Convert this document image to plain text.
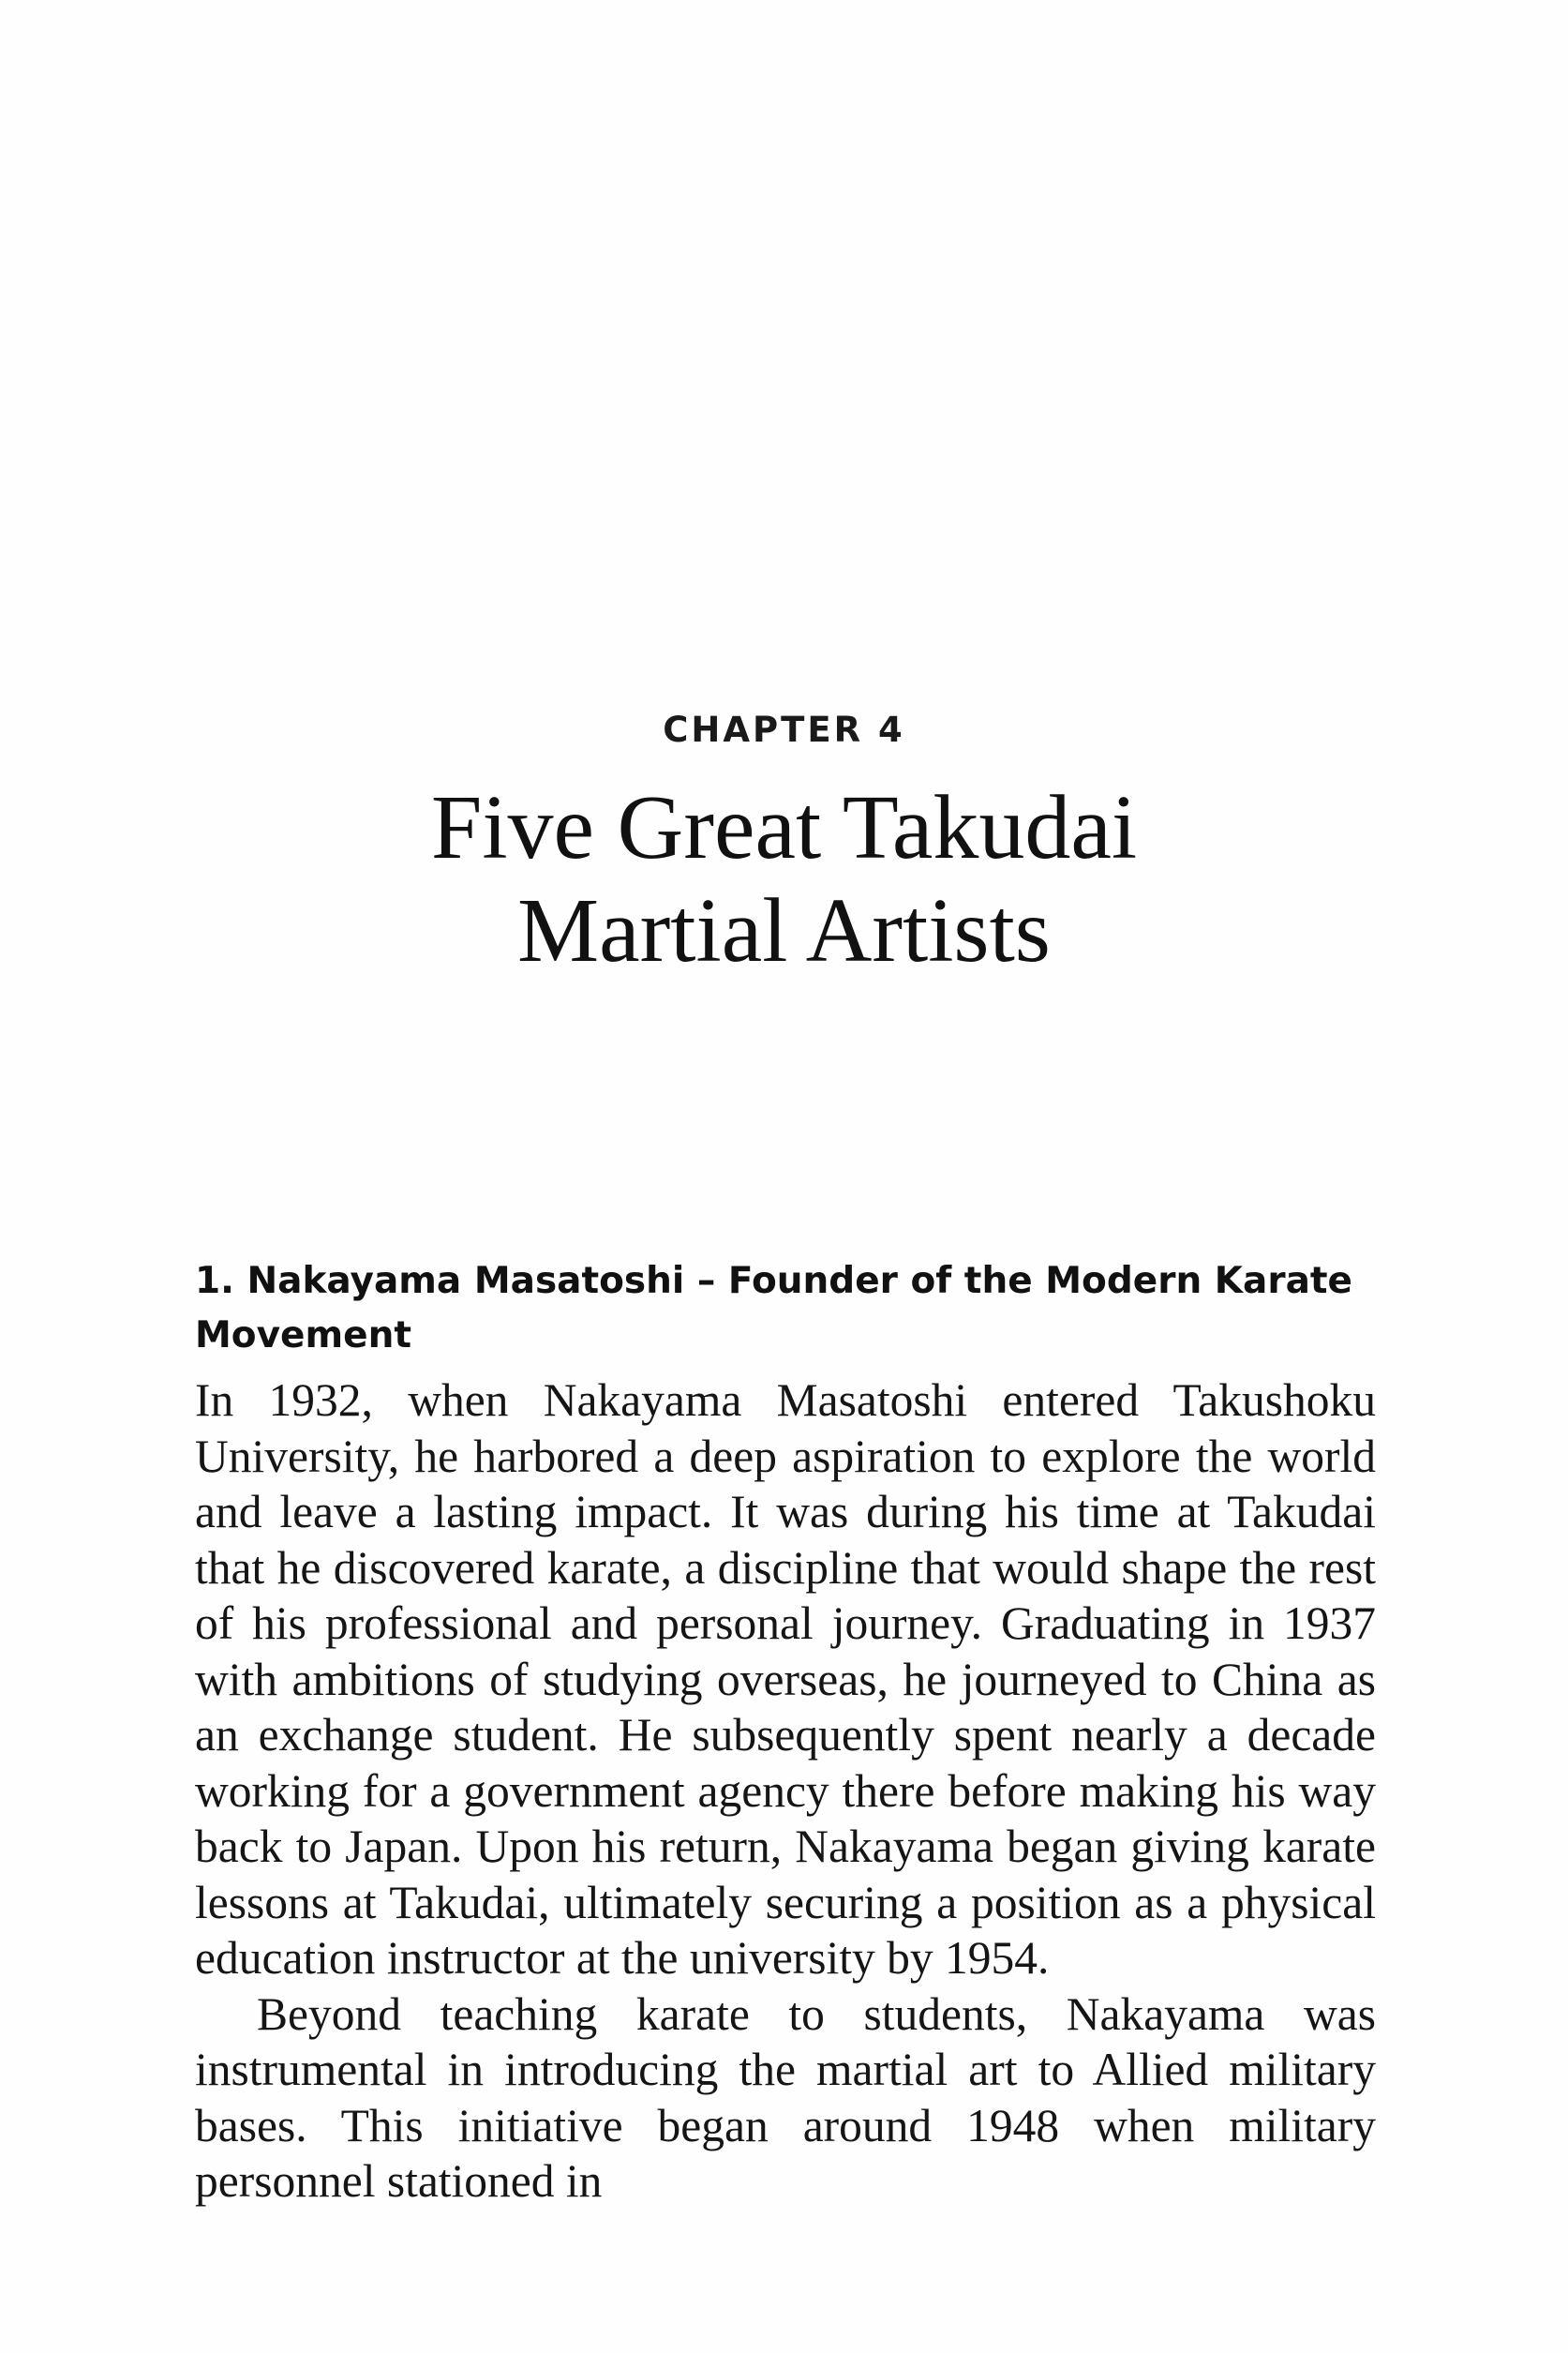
CHAPTER 4
Five Great Takudai
Martial Artists
1. Nakayama Masatoshi – Founder of the Modern Karate Movement

In 1932, when Nakayama Masatoshi entered Takushoku University, he harbored a deep aspiration to explore the world and leave a lasting impact. It was during his time at Takudai that he discovered karate, a discipline that would shape the rest of his professional and personal journey. Graduating in 1937 with ambitions of studying overseas, he journeyed to China as an exchange student. He subsequently spent nearly a decade working for a government agency there before making his way back to Japan. Upon his return, Nakayama began giving karate lessons at Takudai, ultimately securing a position as a physical education instructor at the university by 1954.

Beyond teaching karate to students, Nakayama was instrumental in introducing the martial art to Allied military bases. This initiative began around 1948 when military personnel stationed in
